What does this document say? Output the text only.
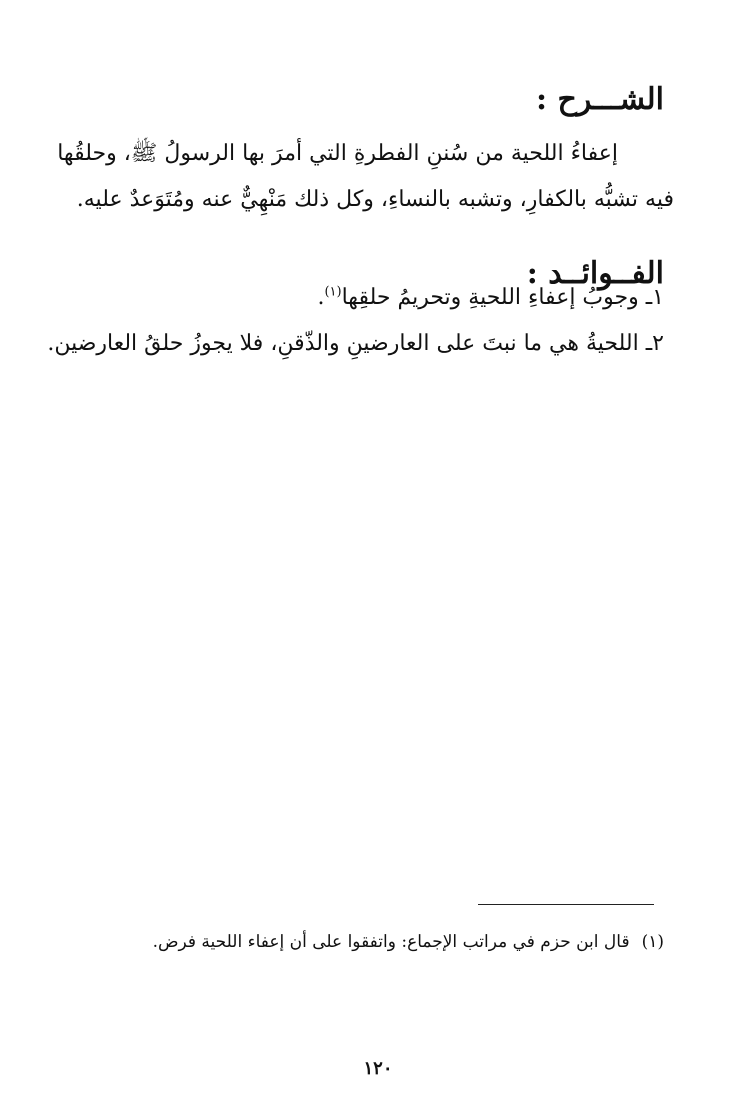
الشـــرح :
إعفاءُ اللحية من سُننِ الفطرةِ التي أمرَ بها الرسولُ ﷺ، وحلقُها
فيه تشبُّه بالكفارِ، وتشبه بالنساءِ، وكل ذلك مَنْهِيٌّ عنه ومُتَوَعدٌ عليه.
الفــوائــد :
١ـ وجوبُ إعفاءِ اللحيةِ وتحريمُ حلقِها$^{(١)}$.
٢ـ اللحيةُ هي ما نبتَ على العارضينِ والذّقنِ، فلا يجوزُ حلقُ العارضين.
(١)قال ابن حزم في مراتب الإجماع: واتفقوا على أن إعفاء اللحية فرض.
١٢٠
